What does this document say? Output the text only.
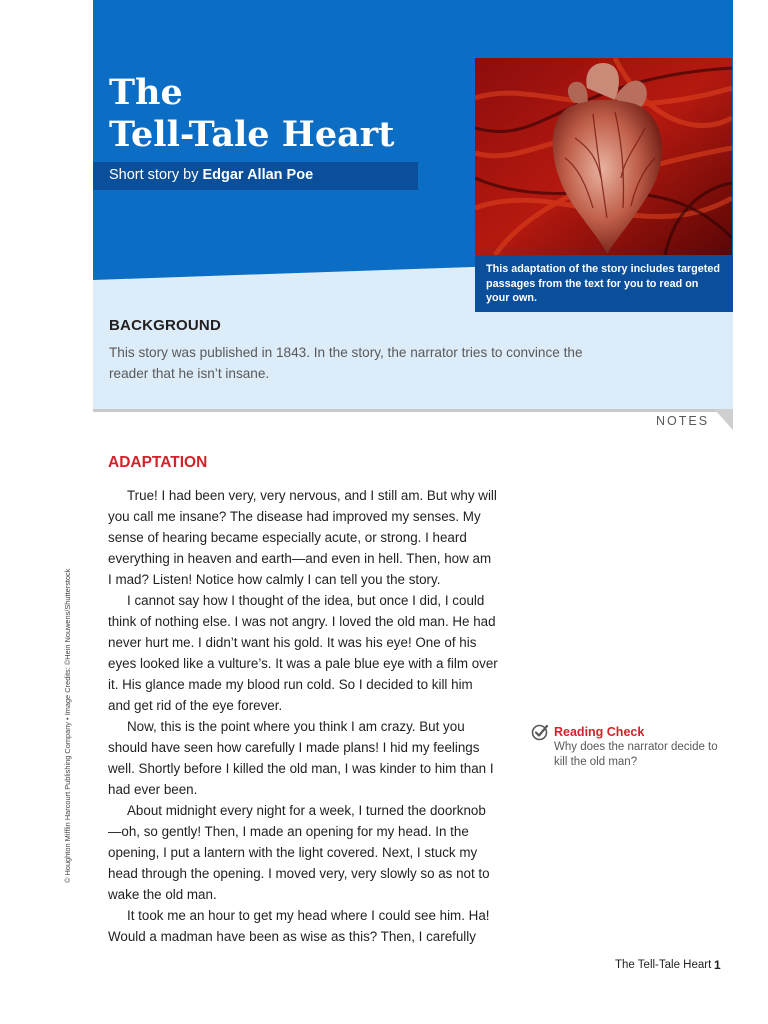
The
Tell-Tale Heart
Short story by Edgar Allan Poe

This adaptation of the story includes targeted passages from the text for you to read on your own.

BACKGROUND

This story was published in 1843. In the story, the narrator tries to convince the reader that he isn’t insane.

NOTES
ADAPTATION

True! I had been very, very nervous, and I still am. But why will you call me insane? The disease had improved my senses. My sense of hearing became especially acute, or strong. I heard everything in heaven and earth—and even in hell. Then, how am I mad? Listen! Notice how calmly I can tell you the story.

I cannot say how I thought of the idea, but once I did, I could think of nothing else. I was not angry. I loved the old man. He had never hurt me. I didn’t want his gold. It was his eye! One of his eyes looked like a vulture’s. It was a pale blue eye with a film over it. His glance made my blood run cold. So I decided to kill him and get rid of the eye forever.

Now, this is the point where you think I am crazy. But you should have seen how carefully I made plans! I hid my feelings well. Shortly before I killed the old man, I was kinder to him than I had ever been.

About midnight every night for a week, I turned the doorknob—oh, so gently! Then, I made an opening for my head. In the opening, I put a lantern with the light covered. Next, I stuck my head through the opening. I moved very, very slowly so as not to wake the old man.

It took me an hour to get my head where I could see him. Ha! Would a madman have been as wise as this? Then, I carefully

Reading Check

Why does the narrator decide to kill the old man?

© Houghton Mifflin Harcourt Publishing Company • Image Credits: ©Hein Nouwens/Shutterstock
The Tell-Tale Heart 1
